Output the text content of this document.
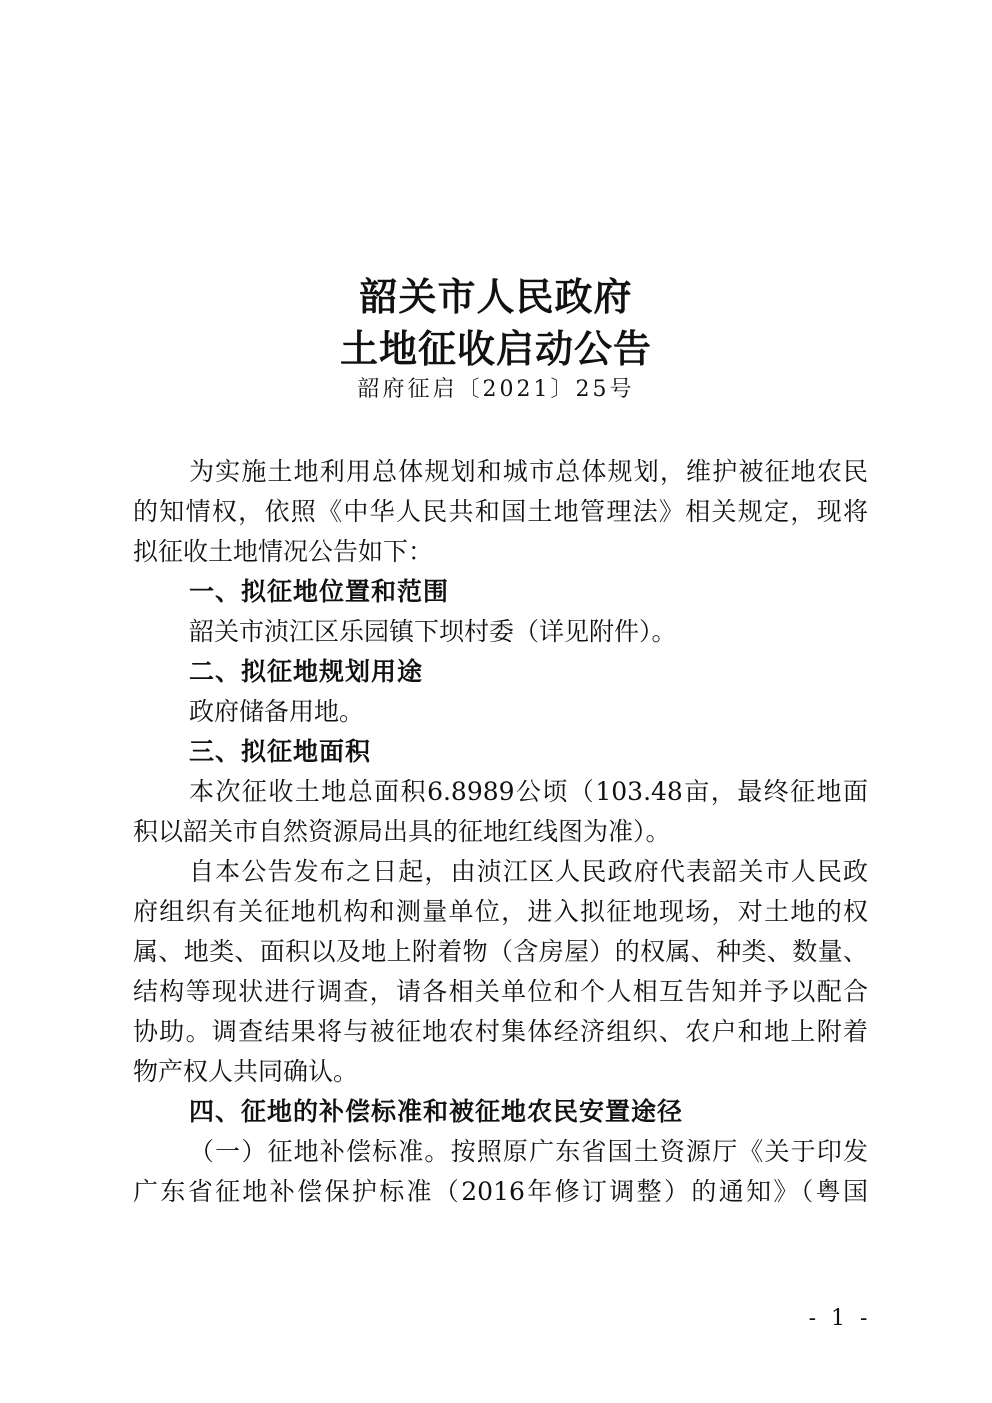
韶关市人民政府
土地征收启动公告
韶府征启〔2021〕25号
为实施土地利用总体规划和城市总体规划，维护被征地农民
的知情权，依照《中华人民共和国土地管理法》相关规定，现将
拟征收土地情况公告如下：
一、拟征地位置和范围
韶关市浈江区乐园镇下坝村委（详见附件）。
二、拟征地规划用途
政府储备用地。
三、拟征地面积
本次征收土地总面积6.8989公顷（103.48亩，最终征地面
积以韶关市自然资源局出具的征地红线图为准）。
自本公告发布之日起，由浈江区人民政府代表韶关市人民政
府组织有关征地机构和测量单位，进入拟征地现场，对土地的权
属、地类、面积以及地上附着物（含房屋）的权属、种类、数量、
结构等现状进行调查，请各相关单位和个人相互告知并予以配合
协助。调查结果将与被征地农村集体经济组织、农户和地上附着
物产权人共同确认。
四、征地的补偿标准和被征地农民安置途径
（一）征地补偿标准。按照原广东省国土资源厅《关于印发
广东省征地补偿保护标准（2016年修订调整）的通知》（粤国
- 1 -
